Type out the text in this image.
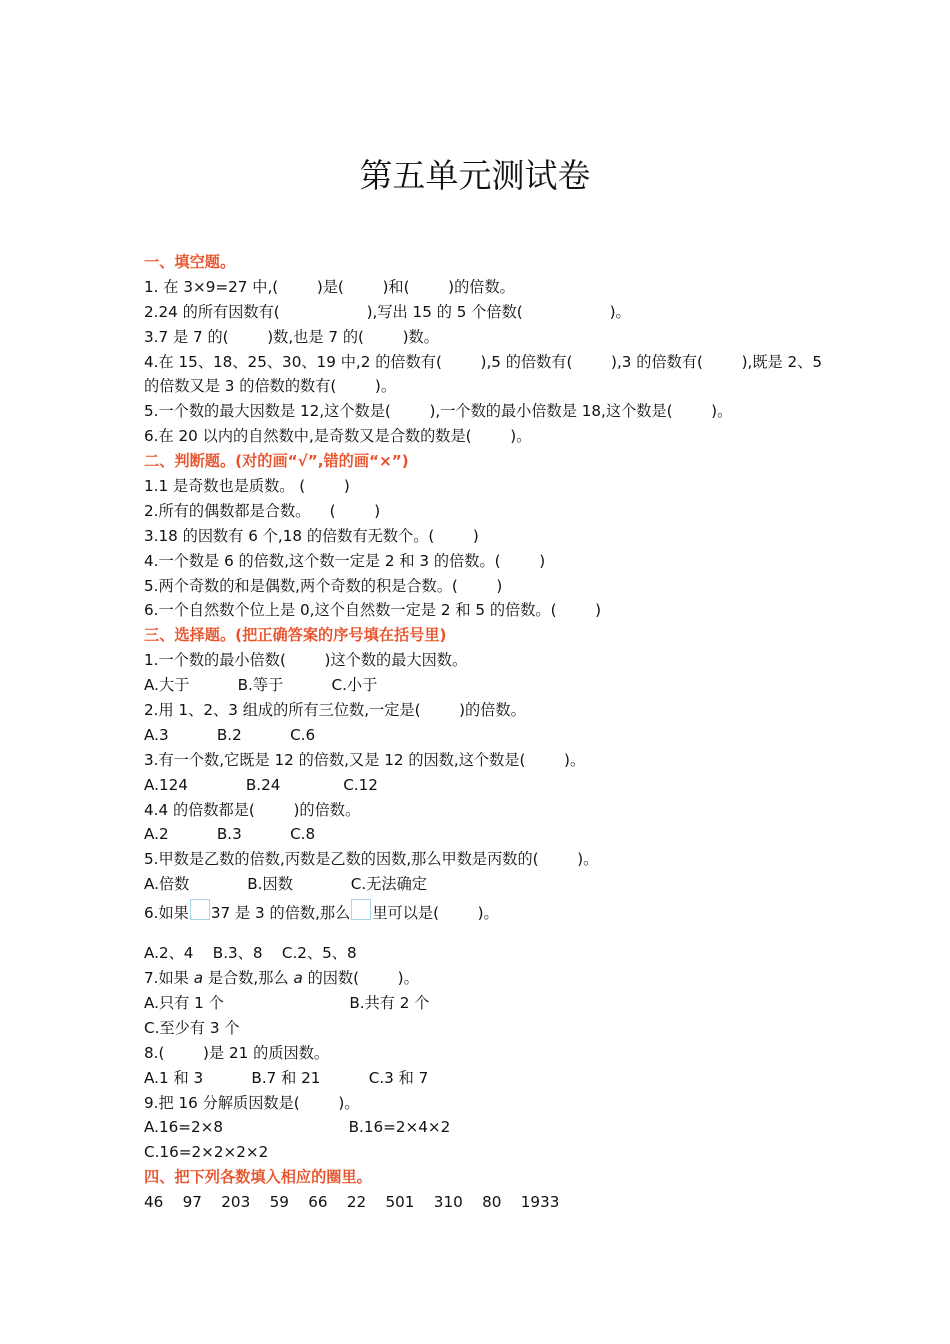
第五单元测试卷
一、填空题。
1. 在 3×9=27 中,(        )是(        )和(        )的倍数。
2.24 的所有因数有(                  ),写出 15 的 5 个倍数(                  )。
3.7 是 7 的(        )数,也是 7 的(        )数。
4.在 15、18、25、30、19 中,2 的倍数有(        ),5 的倍数有(        ),3 的倍数有(        ),既是 2、5
的倍数又是 3 的倍数的数有(        )。
5.一个数的最大因数是 12,这个数是(        ),一个数的最小倍数是 18,这个数是(        )。
6.在 20 以内的自然数中,是奇数又是合数的数是(        )。
二、判断题。(对的画“√”,错的画“×”)
1.1 是奇数也是质数。 (        )
2.所有的偶数都是合数。    (        )
3.18 的因数有 6 个,18 的倍数有无数个。(        )
4.一个数是 6 的倍数,这个数一定是 2 和 3 的倍数。(        )
5.两个奇数的和是偶数,两个奇数的积是合数。(        )
6.一个自然数个位上是 0,这个自然数一定是 2 和 5 的倍数。(        )
三、选择题。(把正确答案的序号填在括号里)
1.一个数的最小倍数(        )这个数的最大因数。
A.大于          B.等于          C.小于
2.用 1、2、3 组成的所有三位数,一定是(        )的倍数。
A.3          B.2          C.6
3.有一个数,它既是 12 的倍数,又是 12 的因数,这个数是(        )。
A.124            B.24             C.12
4.4 的倍数都是(        )的倍数。
A.2          B.3          C.8
5.甲数是乙数的倍数,丙数是乙数的因数,那么甲数是丙数的(        )。
A.倍数            B.因数            C.无法确定
6.如果 37 是 3 的倍数,那么 里可以是(        )。
A.2、4    B.3、8    C.2、5、8
7.如果 a 是合数,那么 a 的因数(        )。
A.只有 1 个                          B.共有 2 个
C.至少有 3 个
8.(        )是 21 的质因数。
A.1 和 3          B.7 和 21          C.3 和 7
9.把 16 分解质因数是(        )。
A.16=2×8                          B.16=2×4×2
C.16=2×2×2×2
四、把下列各数填入相应的圈里。
46    97    203    59    66    22    501    310    80    1933
